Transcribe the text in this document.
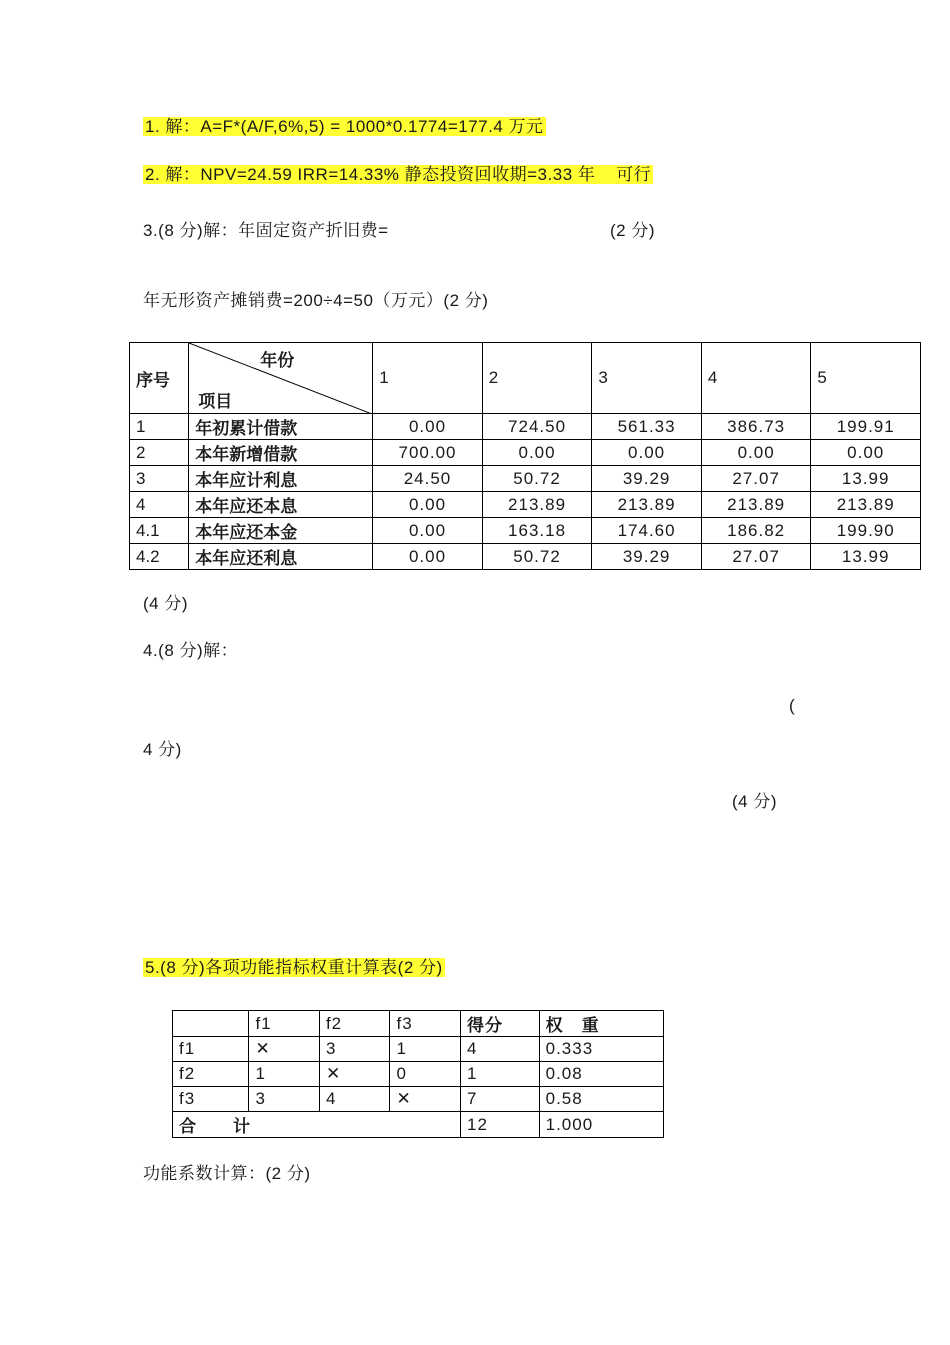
1. 解：A=F*(A/F,6%,5) = 1000*0.1774=177.4 万元
2. 解：NPV=24.59 IRR=14.33% 静态投资回收期=3.33 年    可行
3.(8 分)解：年固定资产折旧费=	(2 分)
年无形资产摊销费=200÷4=50（万元）(2 分)
序号	年份
项目	1	2	3	4	5
1	年初累计借款	0.00	724.50	561.33	386.73	199.91
2	本年新增借款	700.00	0.00	0.00	0.00	0.00
3	本年应计利息	24.50	50.72	39.29	27.07	13.99
4	本年应还本息	0.00	213.89	213.89	213.89	213.89
4.1	本年应还本金	0.00	163.18	174.60	186.82	199.90
4.2	本年应还利息	0.00	50.72	39.29	27.07	13.99
(4 分)
4.(8 分)解：
(
4 分)
(4 分)
5.(8 分)各项功能指标权重计算表(2 分)
	f1	f2	f3	得分	权　重
f1	✕	3	1	4	0.333
f2	1	✕	0	1	0.08
f3	3	4	✕	7	0.58
合　　计				12	1.000
功能系数计算：(2 分)
